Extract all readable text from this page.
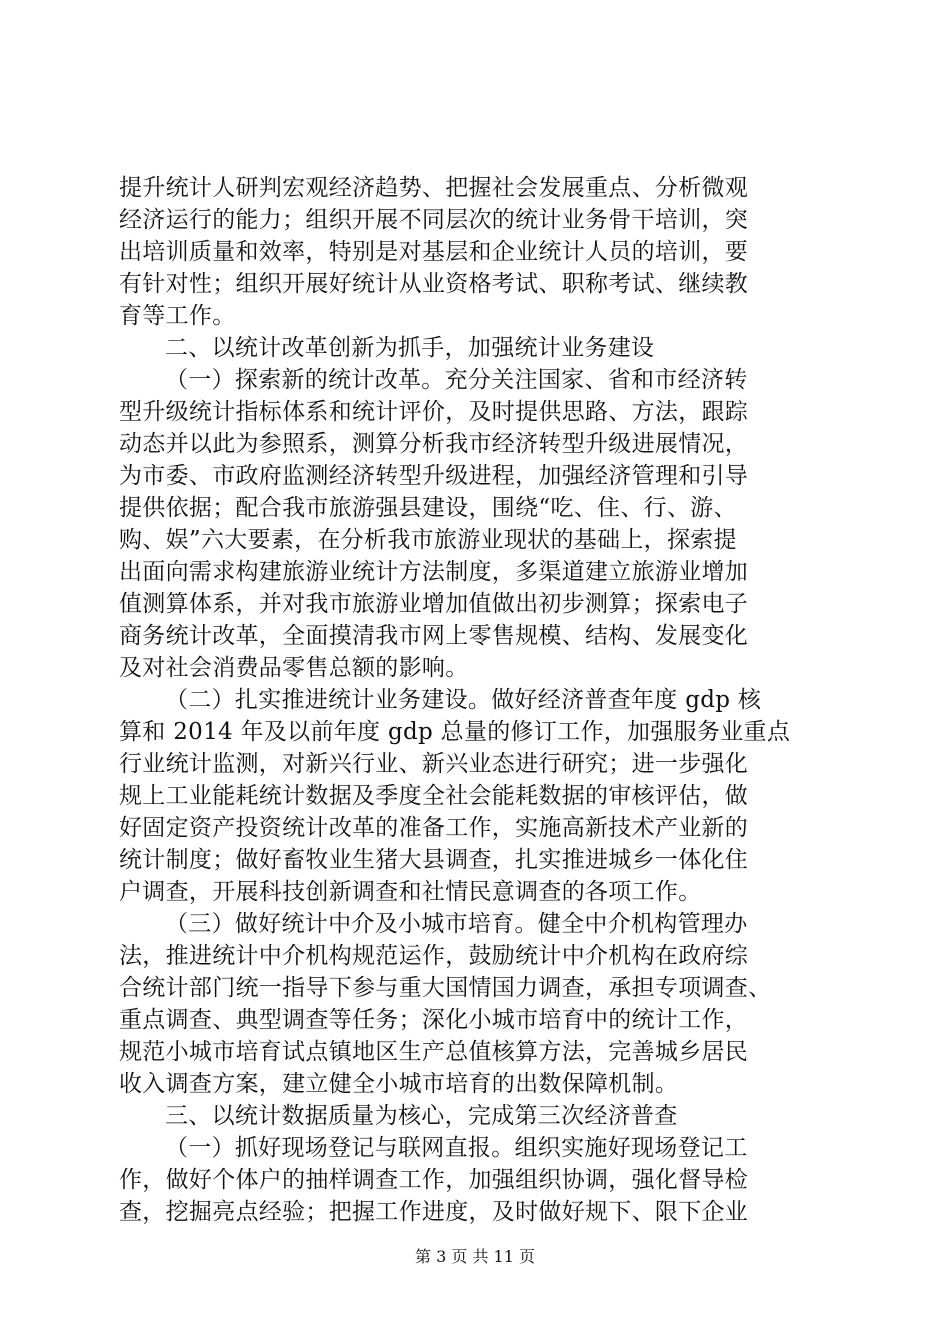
提升统计人研判宏观经济趋势、把握社会发展重点、分析微观
经济运行的能力；组织开展不同层次的统计业务骨干培训，突
出培训质量和效率，特别是对基层和企业统计人员的培训，要
有针对性；组织开展好统计从业资格考试、职称考试、继续教
育等工作。
二、以统计改革创新为抓手，加强统计业务建设
（一）探索新的统计改革。充分关注国家、省和市经济转
型升级统计指标体系和统计评价，及时提供思路、方法，跟踪
动态并以此为参照系，测算分析我市经济转型升级进展情况，
为市委、市政府监测经济转型升级进程，加强经济管理和引导
提供依据；配合我市旅游强县建设，围绕“吃、住、行、游、
购、娱”六大要素，在分析我市旅游业现状的基础上，探索提
出面向需求构建旅游业统计方法制度，多渠道建立旅游业增加
值测算体系，并对我市旅游业增加值做出初步测算；探索电子
商务统计改革，全面摸清我市网上零售规模、结构、发展变化
及对社会消费品零售总额的影响。
（二）扎实推进统计业务建设。做好经济普查年度 gdp 核
算和 2014 年及以前年度 gdp 总量的修订工作，加强服务业重点
行业统计监测，对新兴行业、新兴业态进行研究；进一步强化
规上工业能耗统计数据及季度全社会能耗数据的审核评估，做
好固定资产投资统计改革的准备工作，实施高新技术产业新的
统计制度；做好畜牧业生猪大县调查，扎实推进城乡一体化住
户调查，开展科技创新调查和社情民意调查的各项工作。
（三）做好统计中介及小城市培育。健全中介机构管理办
法，推进统计中介机构规范运作，鼓励统计中介机构在政府综
合统计部门统一指导下参与重大国情国力调查，承担专项调查、
重点调查、典型调查等任务；深化小城市培育中的统计工作，
规范小城市培育试点镇地区生产总值核算方法，完善城乡居民
收入调查方案，建立健全小城市培育的出数保障机制。
三、以统计数据质量为核心，完成第三次经济普查
（一）抓好现场登记与联网直报。组织实施好现场登记工
作，做好个体户的抽样调查工作，加强组织协调，强化督导检
查，挖掘亮点经验；把握工作进度，及时做好规下、限下企业
第 3 页 共 11 页
